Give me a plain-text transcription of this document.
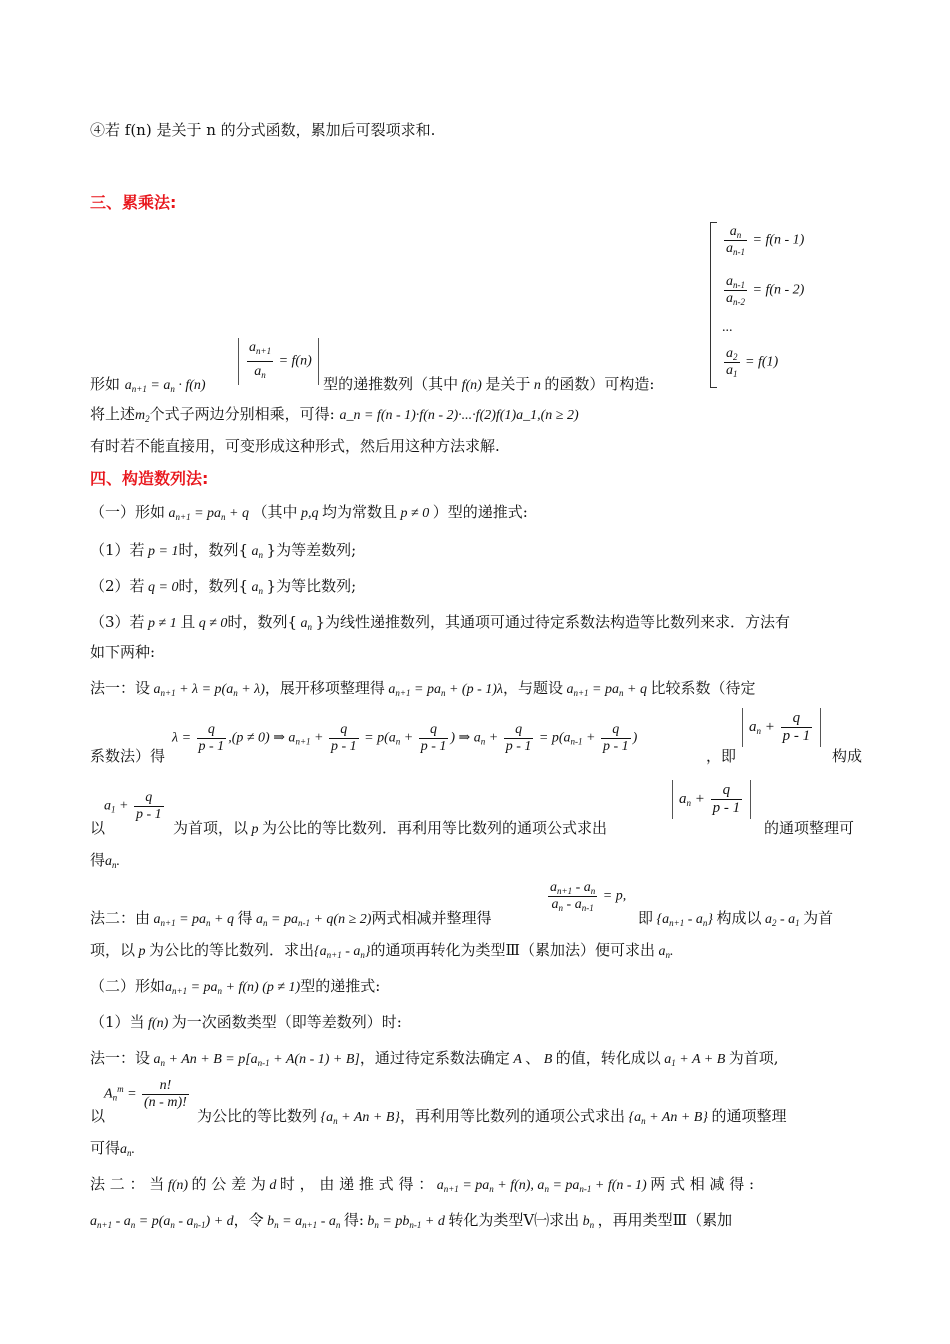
④若 f(n) 是关于 n 的分式函数，累加后可裂项求和.
三、累乘法:
$\frac{a_n}{a_{n-1}} = f(n - 1)$
$\frac{a_{n-1}}{a_{n-2}} = f(n - 2)$
...
$\frac{a_2}{a_1} = f(1)$
形如 $a_{n+1} = a_n \cdot f(n)$
$\frac{a_{n+1}}{a_n} = f(n)$
型的递推数列（其中 f(n) 是关于 n 的函数）可构造:
将上述$m_2$个式子两边分别相乘，可得: a_n = f(n - 1)·f(n - 2)·...·f(2)f(1)a_1,(n ≥ 2)
有时若不能直接用，可变形成这种形式，然后用这种方法求解.
四、构造数列法:
（一）形如 $a_{n+1} = pa_n + q$ （其中 p,q 均为常数且 p ≠ 0 ）型的递推式:
（1）若 p = 1时，数列{ $a_n$ }为等差数列;
（2）若 q = 0时，数列{ $a_n$ }为等比数列;
（3）若 p ≠ 1 且 q ≠ 0时，数列{ $a_n$ }为线性递推数列，其通项可通过待定系数法构造等比数列来求．方法有
如下两种:
法一：设 $a_{n+1} + \lambda = p(a_n + \lambda)$，展开移项整理得 $a_{n+1} = pa_n + (p - 1)\lambda$，与题设 $a_{n+1} = pa_n + q$ 比较系数（待定
系数法）得
$\lambda = \frac{q}{p - 1} ,(p \ne 0)$ ⇒ $a_{n+1} + \frac{q}{p - 1} = p(a_n + \frac{q}{p - 1}$ ) ⇒ $a_n + \frac{q}{p - 1} = p(a_{n-1} + \frac{q}{p - 1}$ )
，即
$a_n + \frac{q}{p - 1}$
构成
$a_1 + \frac{q}{p - 1}$
以	为首项，以 p 为公比的等比数列．再利用等比数列的通项公式求出
$a_n + \frac{q}{p - 1}$
的通项整理可
得$a_n$.
法二：由 $a_{n+1} = pa_n + q$ 得 $a_n = pa_{n-1} + q(n \ge 2)$两式相减并整理得
$\frac{a_{n+1} - a_n}{a_n - a_{n-1}} = p$,
即 $\{a_{n+1} - a_n\}$ 构成以 $a_2 - a_1$ 为首
项，以 p 为公比的等比数列．求出$\{a_{n+1} - a_n\}$的通项再转化为类型Ⅲ（累加法）便可求出 $a_n$.
（二）形如$a_{n+1} = pa_n + f(n) (p \ne 1)$型的递推式:
（1）当 f(n) 为一次函数类型（即等差数列）时:
法一：设 $a_n + An + B = p[a_{n-1} + A(n - 1) + B]$，通过待定系数法确定 A 、 B 的值，转化成以 $a_1 + A + B$ 为首项,
$A_n^m = \frac{n!}{(n - m)!}$
以	为公比的等比数列 $\{a_n + An + B\}$，再利用等比数列的通项公式求出 $\{a_n + An + B\}$ 的通项整理
可得$a_n$.
法 二 ： 当 f(n) 的 公 差 为 d 时 ， 由 递 推 式 得 ： $a_{n+1} = pa_n + f(n)$, $a_n = pa_{n-1} + f(n - 1)$ 两 式 相 减 得 :
$a_{n+1} - a_n = p(a_n - a_{n-1}) + d$，令 $b_n = a_{n+1} - a_n$ 得: $b_n = pb_{n-1} + d$ 转化为类型Ⅴ㈠求出 $b_n$ ，再用类型Ⅲ（累加
